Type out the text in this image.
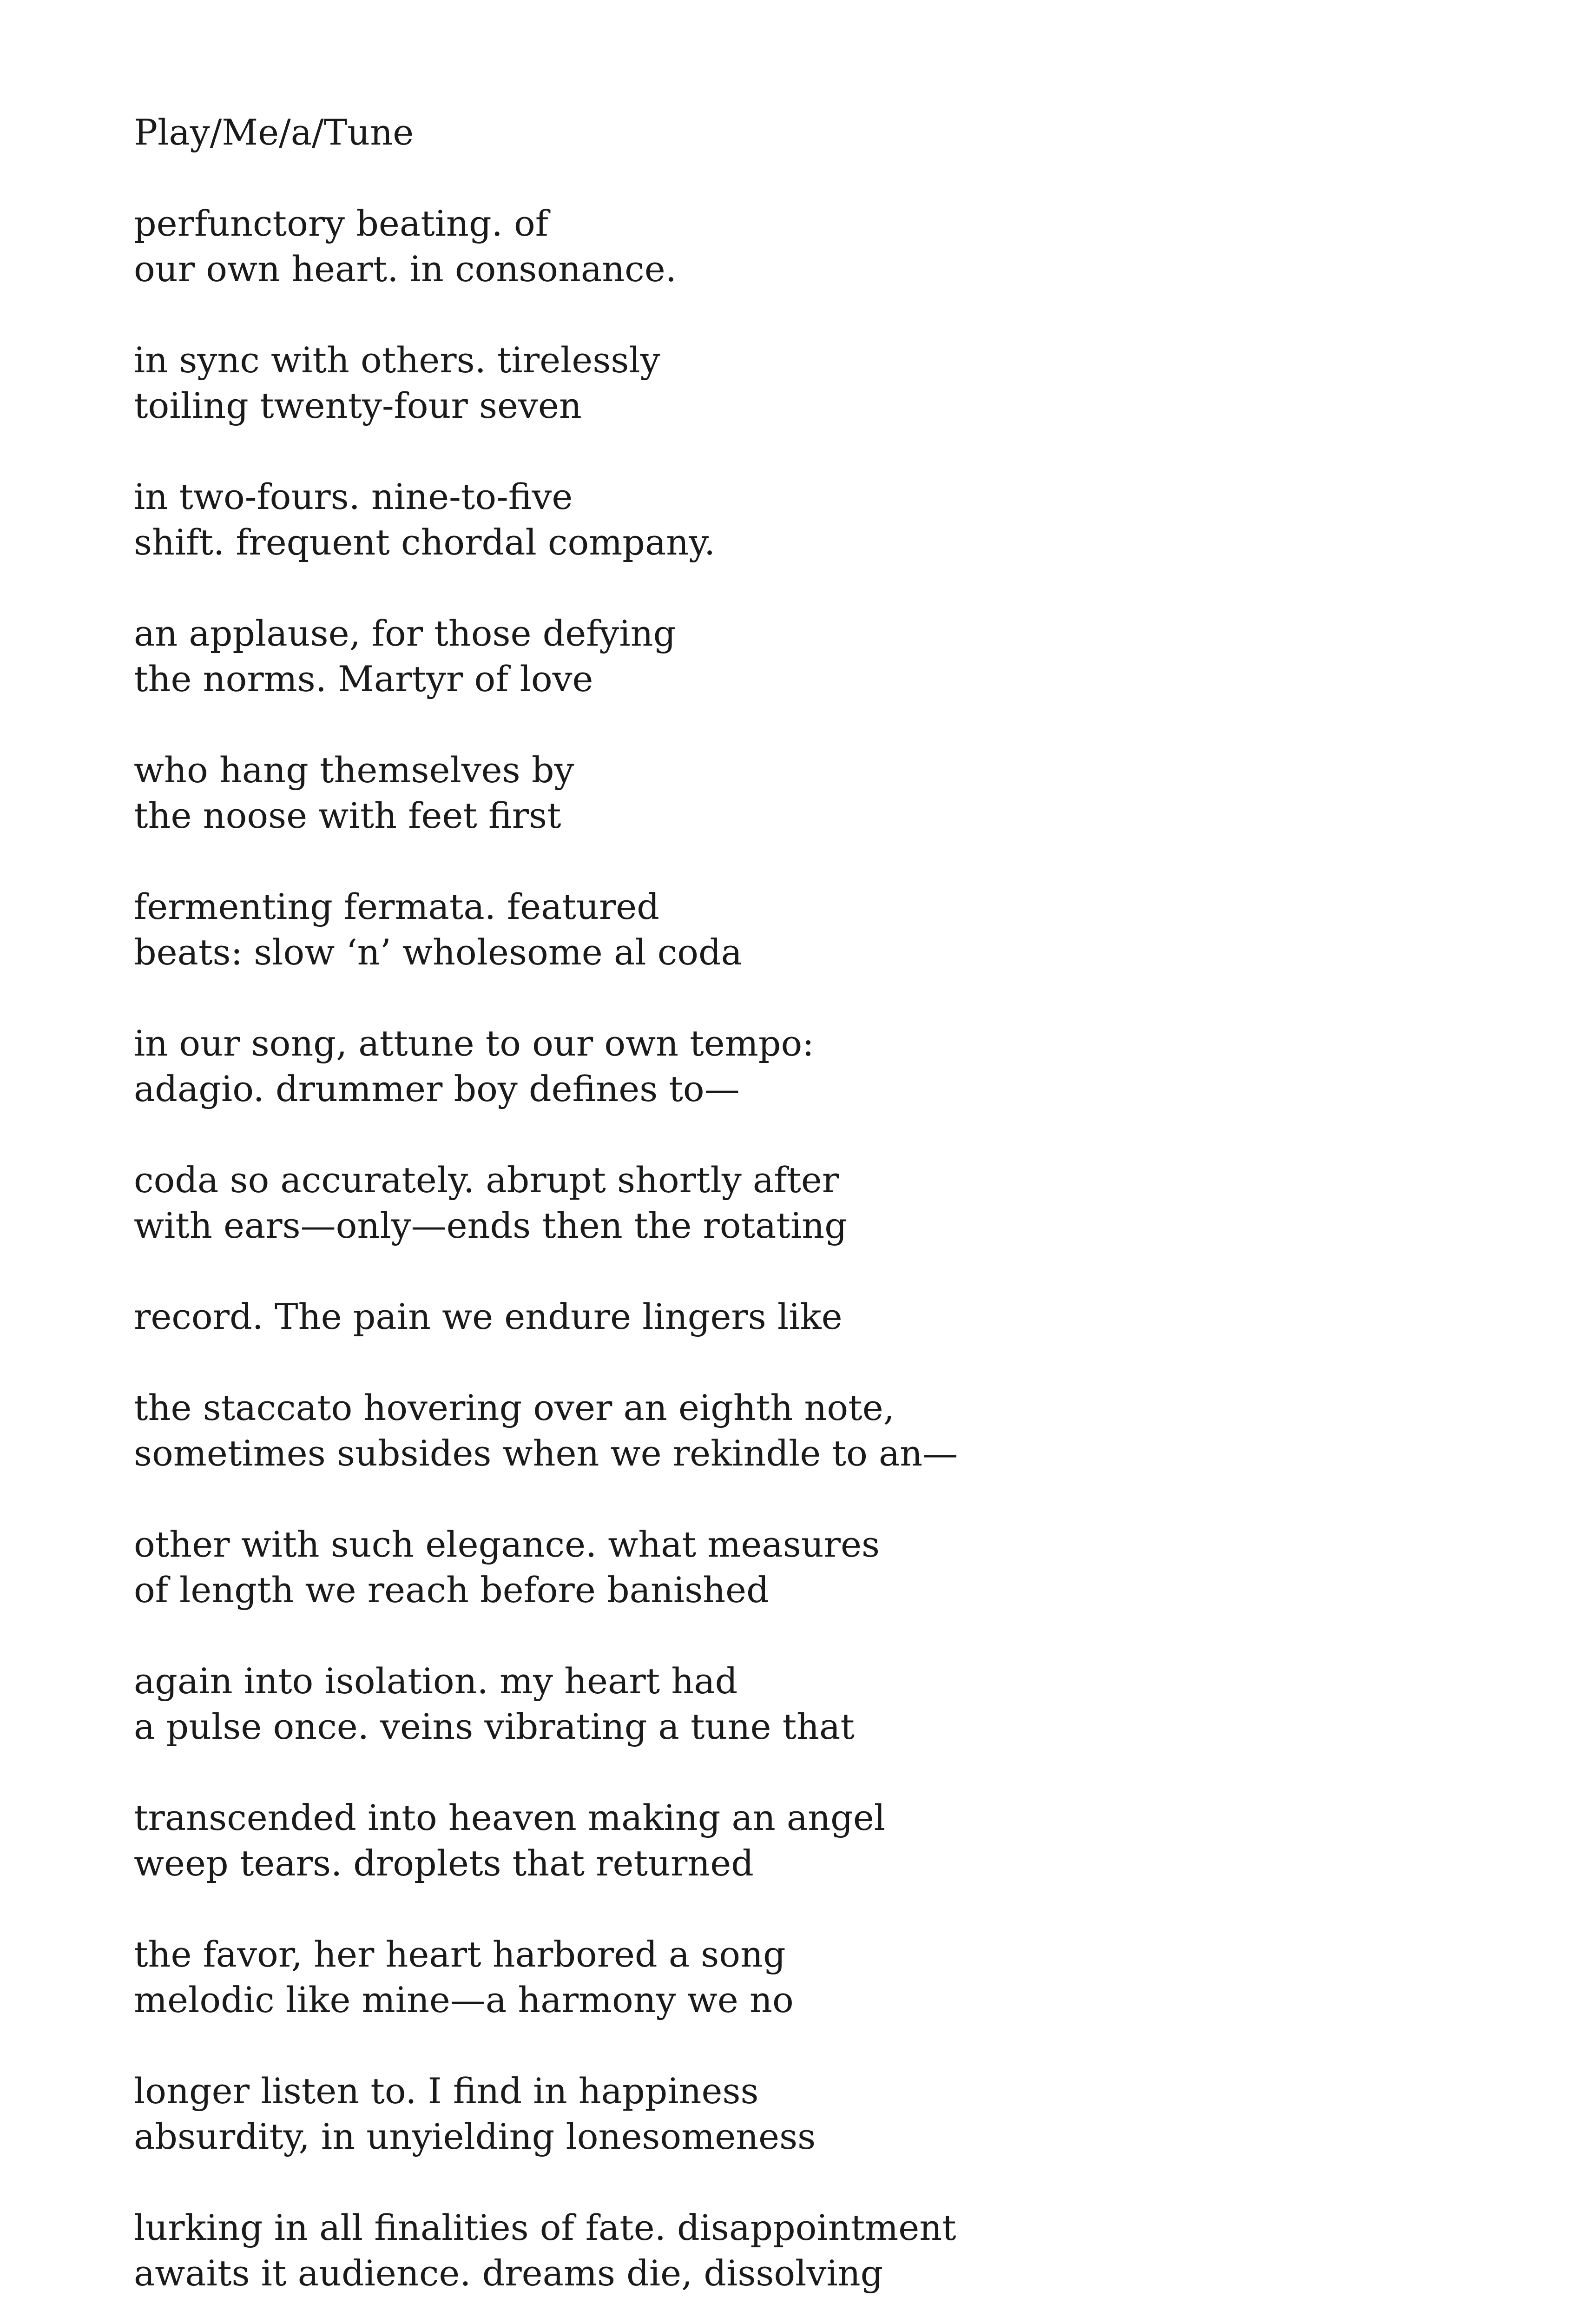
Play/Me/a/Tune
perfunctory beating. of
our own heart. in consonance.
in sync with others. tirelessly
toiling twenty-four seven
in two-fours. nine-to-five
shift. frequent chordal company.
an applause, for those defying
the norms. Martyr of love
who hang themselves by
the noose with feet first
fermenting fermata. featured
beats: slow ‘n’ wholesome al coda
in our song, attune to our own tempo:
adagio. drummer boy defines to—
coda so accurately. abrupt shortly after
with ears—only—ends then the rotating
record. The pain we endure lingers like
the staccato hovering over an eighth note,
sometimes subsides when we rekindle to an—
other with such elegance. what measures
of length we reach before banished
again into isolation. my heart had
a pulse once. veins vibrating a tune that
transcended into heaven making an angel
weep tears. droplets that returned
the favor, her heart harbored a song
melodic like mine—a harmony we no
longer listen to. I find in happiness
absurdity, in unyielding lonesomeness
lurking in all finalities of fate. disappointment
awaits it audience. dreams die, dissolving
